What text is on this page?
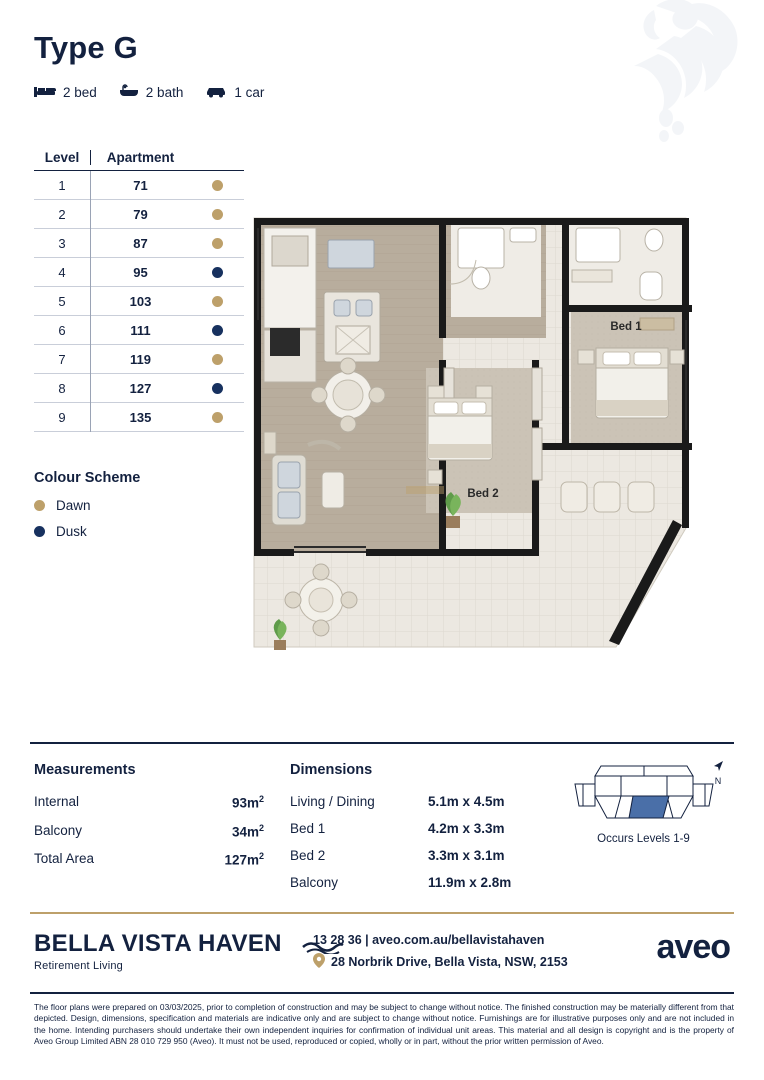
Type G
2 bed	2 bath	1 car
Level	Apartment
1	71
2	79
3	87
4	95
5	103
6	111
7	119
8	127
9	135
Colour Scheme
Dawn
Dusk
Bed 2
Bed 1
Measurements
Internal	$93m^2$
Balcony	$34m^2$
Total Area	$127m^2$
Dimensions
Living / Dining	5.1m x 4.5m
Bed 1	4.2m x 3.3m
Bed 2	3.3m x 3.1m
Balcony	11.9m x 2.8m
N
Occurs Levels 1-9
BELLA VISTA HAVEN
Retirement Living
13 28 36 | aveo.com.au/bellavistahaven
28 Norbrik Drive, Bella Vista, NSW, 2153	aveo
The floor plans were prepared on 03/03/2025, prior to completion of construction and may be subject to change without notice. The finished construction may be materially different from that depicted. Design, dimensions, specification and materials are indicative only and are subject to change without notice. Furnishings are for illustrative purposes only and are not included in the home. Intending purchasers should undertake their own independent inquiries for confirmation of individual unit areas. This material and all design is copyright and is the property of Aveo Group Limited ABN 28 010 729 950 (Aveo). It must not be used, reproduced or copied, wholly or in part, without the prior written permission of Aveo.
